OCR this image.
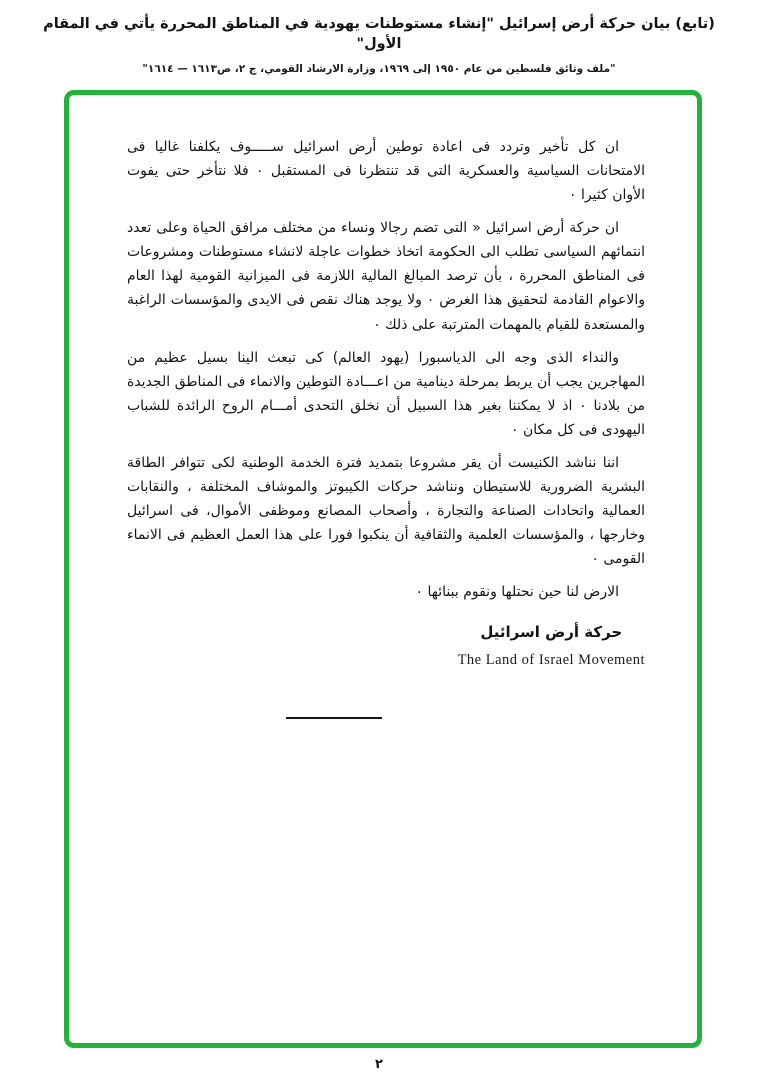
(تابع) بيان حركة أرض إسرائيل "إنشاء مستوطنات يهودية في المناطق المحررة يأتي في المقام الأول"
"ملف وثائق فلسطين من عام ١٩٥٠ إلى ١٩٦٩، وزارة الارشاد القومي، ج ٢، ص١٦١٣ — ١٦١٤"

ان كل تأخير وتردد فى اعادة توطين أرض اسرائيل ســـــوف يكلفنا غاليا فى الامتحانات السياسية والعسكرية التى قد تنتظرنا فى المستقبل ۰ فلا نتأخر حتى يفوت الأوان كثيرا ۰

ان حركة أرض اسرائيل « التى تضم رجالا ونساء من مختلف مرافق الحياة وعلى تعدد انتمائهم السياسى تطلب الى الحكومة اتخاذ خطوات عاجلة لانشاء مستوطنات ومشروعات فى المناطق المحررة ، بأن ترصد المبالغ المالية اللازمة فى الميزانية القومية لهذا العام والاعوام القادمة لتحقيق هذا الغرض ۰ ولا يوجد هناك نقص فى الايدى والمؤسسات الراغبة والمستعدة للقيام بالمهمات المترتبة على ذلك ۰

والنداء الذى وجه الى الدياسبورا (يهود العالم) كى تبعث الينا بسيل عظيم من المهاجرين يجب أن يربط بمرحلة دينامية من اعـــادة التوطين والانماء فى المناطق الجديدة من بلادنا ۰ اذ لا يمكننا بغير هذا السبيل أن نخلق التحدى أمـــام الروح الرائدة للشباب اليهودى فى كل مكان ۰

اننا نناشد الكنيست أن يقر مشروعا بتمديد فترة الخدمة الوطنية لكى تتوافر الطاقة البشرية الضرورية للاستيطان ونناشد حركات الكيبوتز والموشاف المختلفة ، والنقابات العمالية واتحادات الصناعة والتجارة ، وأصحاب المصانع وموظفى الأموال، فى اسرائيل وخارجها ، والمؤسسات العلمية والثقافية أن ينكبوا فورا على هذا العمل العظيم فى الانماء القومى ۰

الارض لنا حين نحتلها ونقوم ببنائها ۰

حركة أرض اسرائيل
The Land of Israel Movement
٢
